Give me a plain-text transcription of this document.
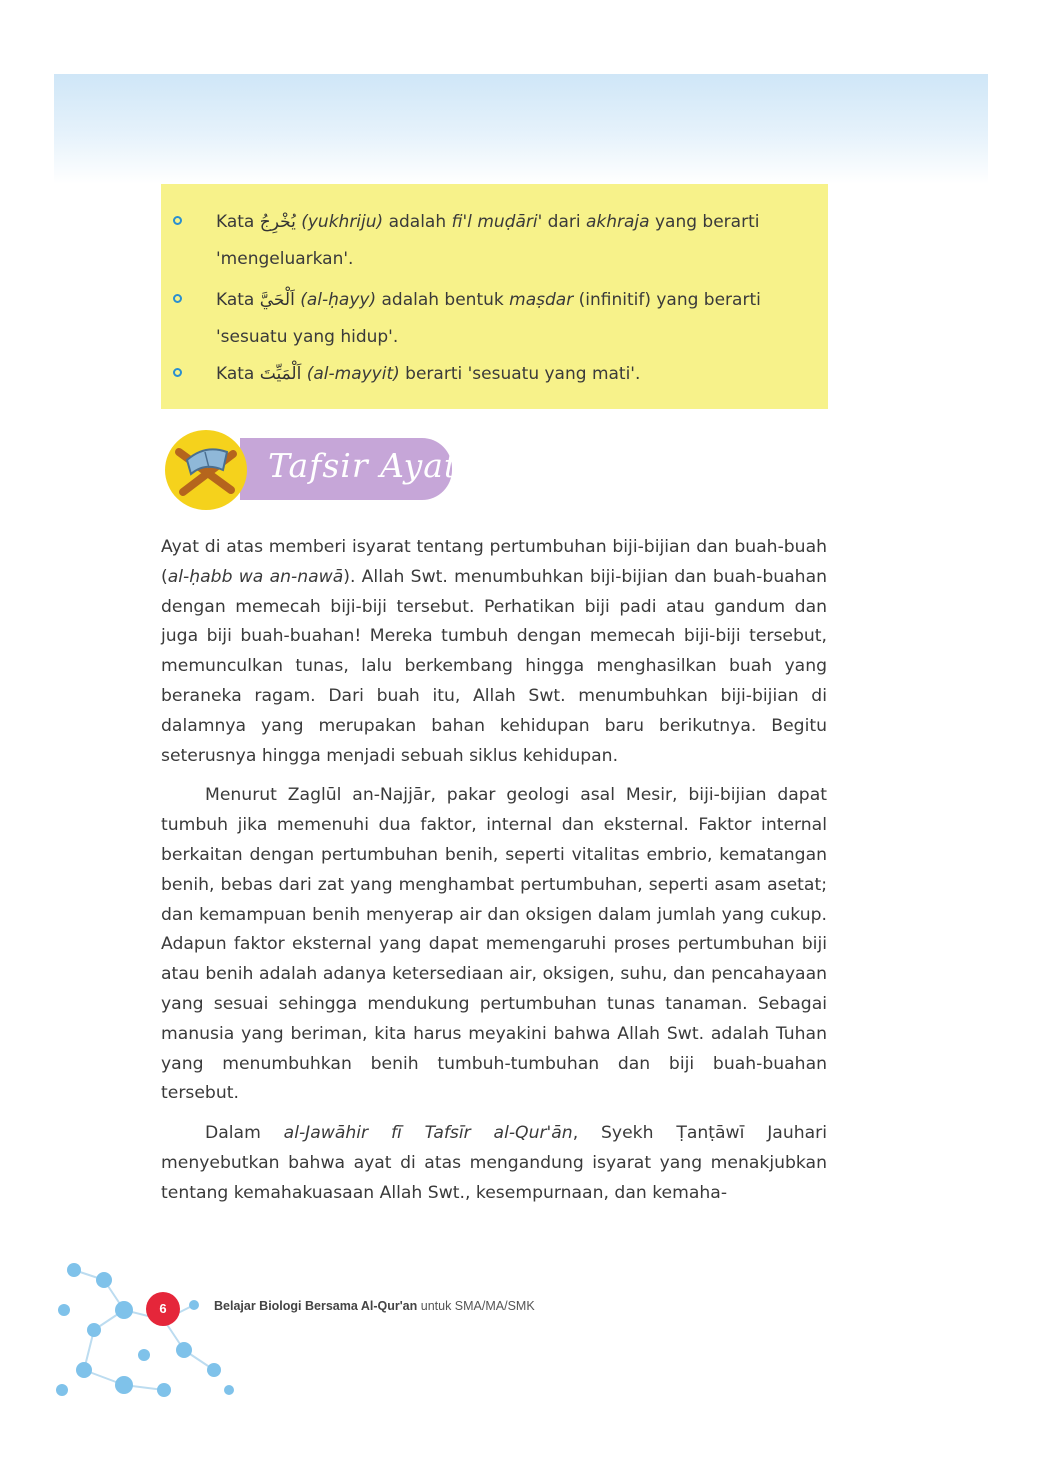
Kata يُخْرِجُ (yukhriju) adalah fi'l muḍāri' dari akhraja yang berarti
'mengeluarkan'.
Kata اَلْحَيَّ (al-ḥayy) adalah bentuk maṣdar (infinitif) yang berarti
'sesuatu yang hidup'.
Kata اَلْمَيِّتَ (al-mayyit) berarti 'sesuatu yang mati'.
Tafsir Ayat

Ayat di atas memberi isyarat tentang pertumbuhan biji-bijian dan buah-buah (al-ḥabb wa an-nawā). Allah Swt. menumbuhkan biji-bijian dan buah-buahan dengan memecah biji-biji tersebut. Perhatikan biji padi atau gandum dan juga biji buah-buahan! Mereka tumbuh dengan memecah biji-biji tersebut, memunculkan tunas, lalu berkembang hingga menghasilkan buah yang beraneka ragam. Dari buah itu, Allah Swt. menumbuhkan biji-bijian di dalamnya yang merupakan bahan kehidupan baru berikutnya. Begitu seterusnya hingga menjadi sebuah siklus kehidupan.

Menurut Zaglūl an-Najjār, pakar geologi asal Mesir, biji-bijian dapat tumbuh jika memenuhi dua faktor, internal dan eksternal. Faktor internal berkaitan dengan pertumbuhan benih, seperti vitalitas embrio, kematangan benih, bebas dari zat yang menghambat pertumbuhan, seperti asam asetat; dan kemampuan benih menyerap air dan oksigen dalam jumlah yang cukup. Adapun faktor eksternal yang dapat memengaruhi proses pertumbuhan biji atau benih adalah adanya ketersediaan air, oksigen, suhu, dan pencahayaan yang sesuai sehingga mendukung pertumbuhan tunas tanaman. Sebagai manusia yang beriman, kita harus meyakini bahwa Allah Swt. adalah Tuhan yang menumbuhkan benih tumbuh-tumbuhan dan biji buah-buahan tersebut.

Dalam al-Jawāhir fī Tafsīr al-Qur'ān, Syekh Ṭanṭāwī Jauhari menyebutkan bahwa ayat di atas mengandung isyarat yang menakjubkan tentang kemahakuasaan Allah Swt., kesempurnaan, dan kemaha-

6	Belajar Biologi Bersama Al-Qur'an untuk SMA/MA/SMK
